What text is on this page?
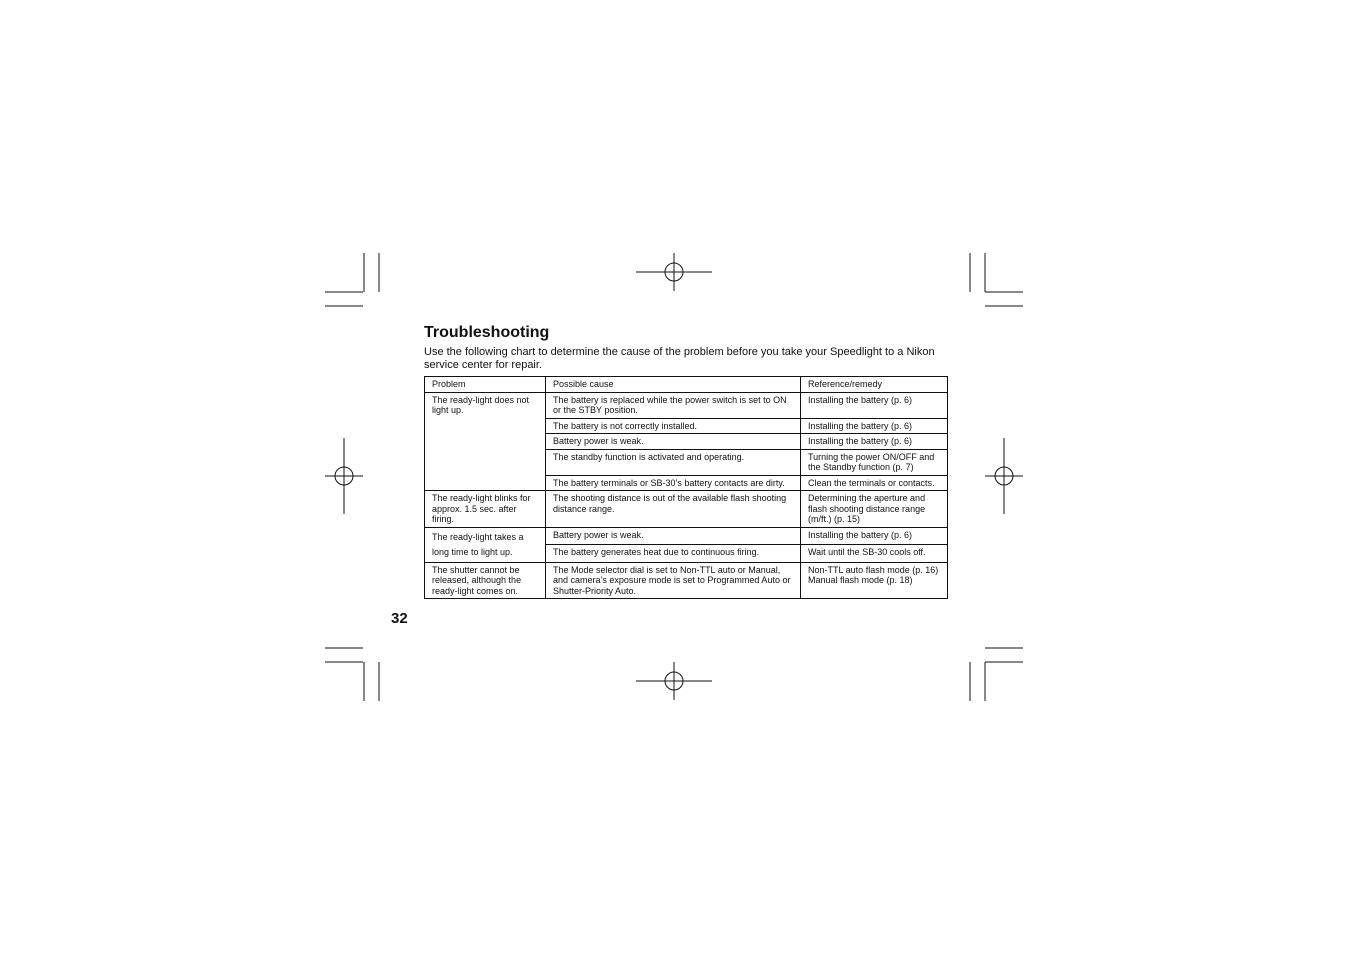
Troubleshooting

Use the following chart to determine the cause of the problem before you take your Speedlight to a Nikon service center for repair.

Problem	Possible cause	Reference/remedy
The ready-light does not light up.	The battery is replaced while the power switch is set to ON or the STBY position.	Installing the battery (p. 6)
	The battery is not correctly installed.	Installing the battery (p. 6)
	Battery power is weak.	Installing the battery (p. 6)
	The standby function is activated and operating.	Turning the power ON/OFF and the Standby function (p. 7)
	The battery terminals or SB-30’s battery contacts are dirty.	Clean the terminals or contacts.
The ready-light blinks for approx. 1.5 sec. after firing.	The shooting distance is out of the available flash shooting distance range.	Determining the aperture and flash shooting distance range (m/ft.) (p. 15)
The ready-light takes a long time to light up.	Battery power is weak.	Installing the battery (p. 6)
	The battery generates heat due to continuous firing.	Wait until the SB-30 cools off.
The shutter cannot be released, although the ready-light comes on.	The Mode selector dial is set to Non-TTL auto or Manual, and camera’s exposure mode is set to Programmed Auto or Shutter-Priority Auto.	Non-TTL auto flash mode (p. 16) Manual flash mode (p. 18)
32
